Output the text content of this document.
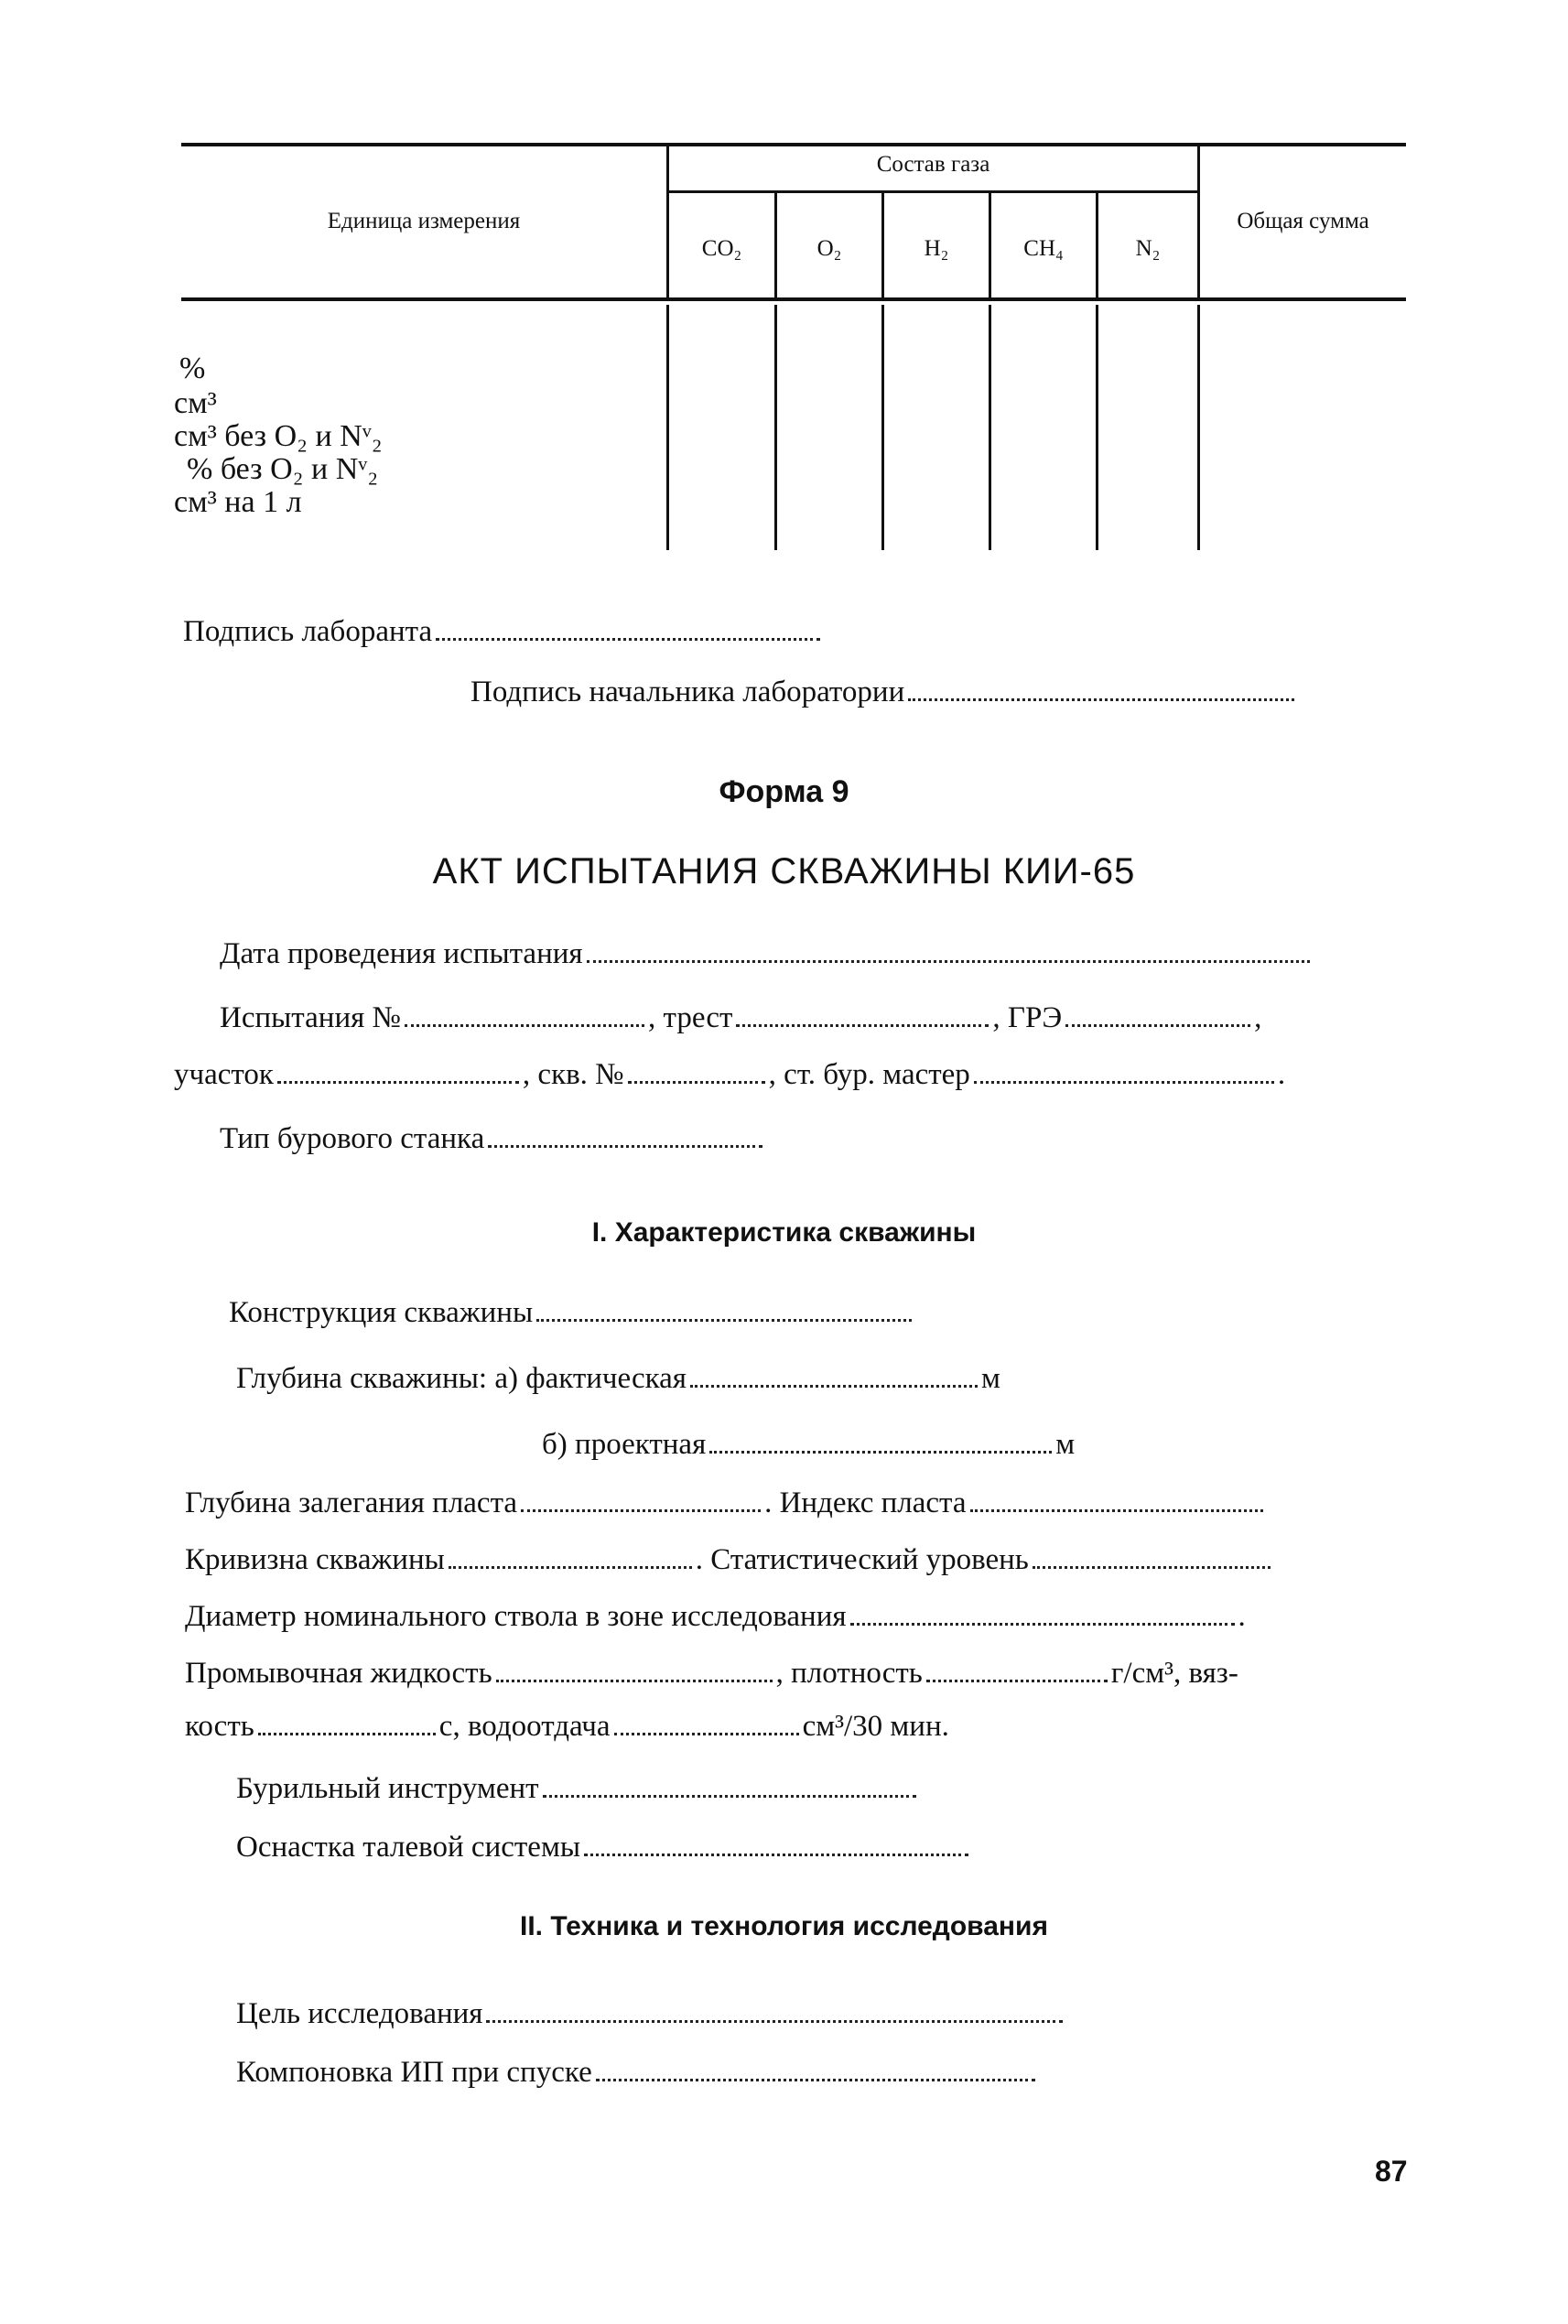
Единица измерения
Состав газа
CO₂	O₂	H₂	CH₄	N₂
Общая сумма
%
см³
см³ без O₂ и Nᵛ₂
% без O₂ и Nᵛ₂
см³ на 1 л
Подпись лаборанта
Подпись начальника лаборатории
Форма 9
АКТ ИСПЫТАНИЯ СКВАЖИНЫ КИИ-65
Дата проведения испытания
Испытания №	, трест	, ГРЭ	,
участок	, скв. №	, ст. бур. мастер	.
Тип бурового станка
I. Характеристика скважины
Конструкция скважины
Глубина скважины: а) фактическая	м
б) проектная	м
Глубина залегания пласта	. Индекс пласта
Кривизна скважины	. Статистический уровень
Диаметр номинального ствола в зоне исследования	.
Промывочная жидкость	, плотность	г/см³, вяз-
кость	с, водоотдача	см³/30 мин.
Бурильный инструмент
Оснастка талевой системы
II. Техника и технология исследования
Цель исследования
Компоновка ИП при спуске
87
